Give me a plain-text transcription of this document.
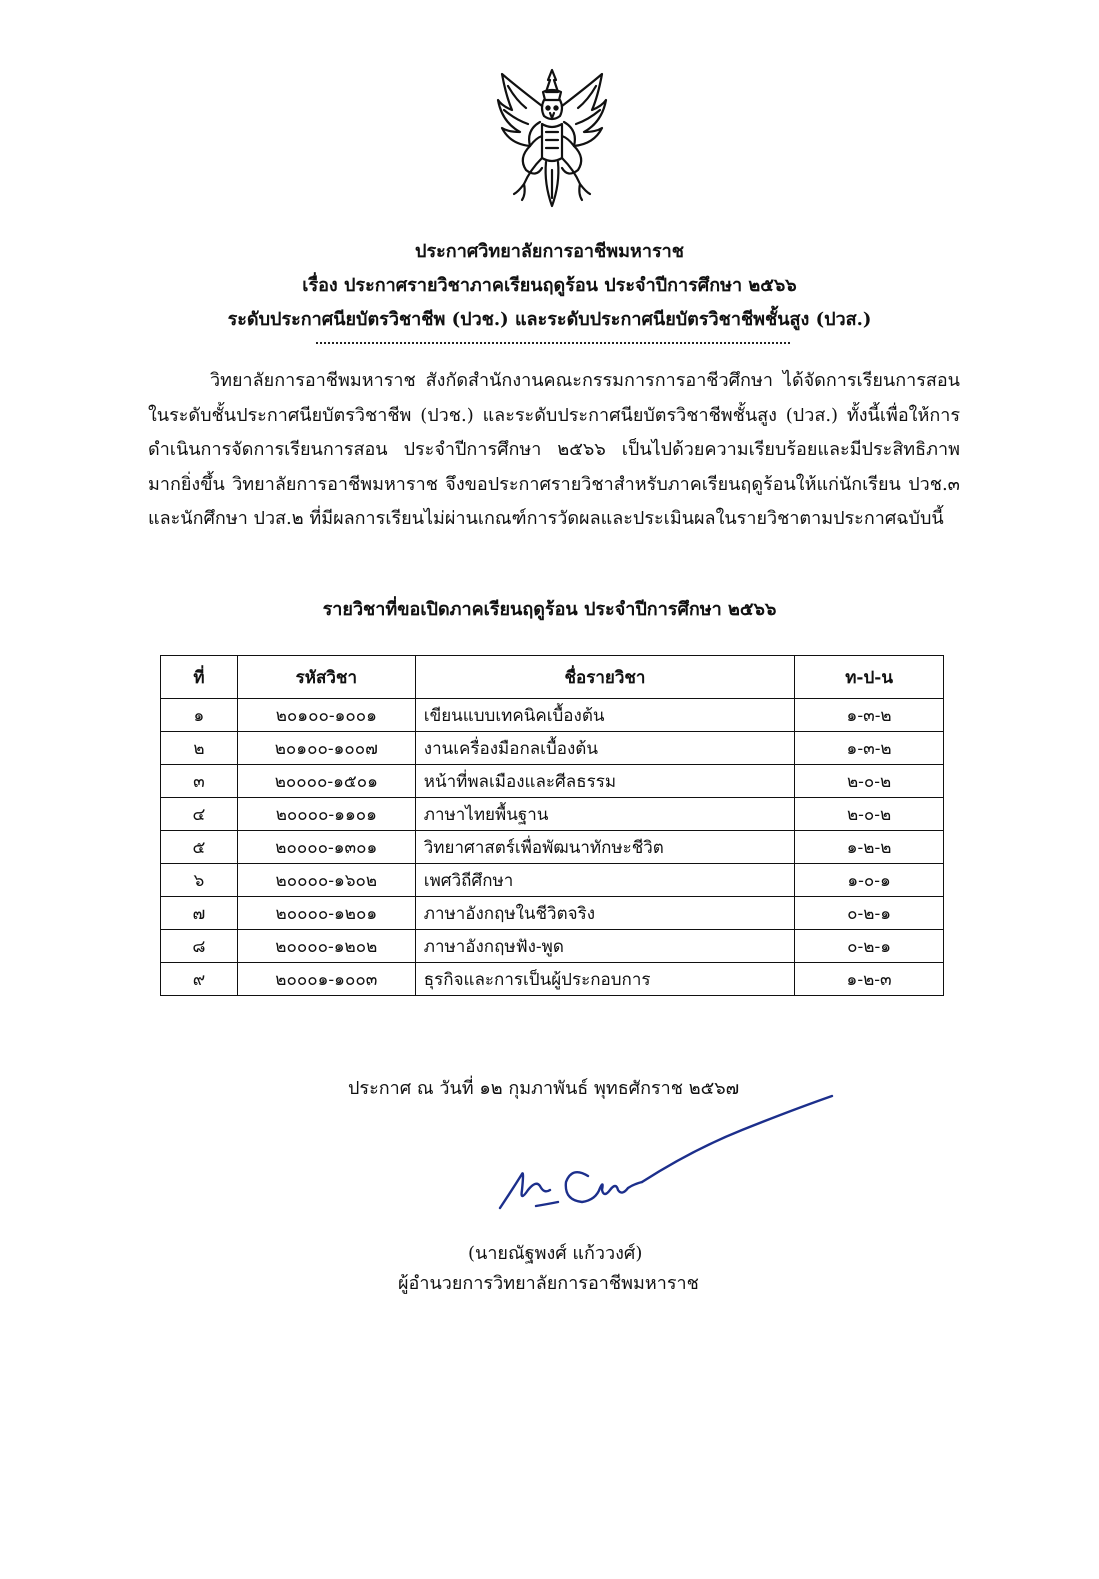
ประกาศวิทยาลัยการอาชีพมหาราช
เรื่อง ประกาศรายวิชาภาคเรียนฤดูร้อน ประจำปีการศึกษา ๒๕๖๖
ระดับประกาศนียบัตรวิชาชีพ (ปวช.) และระดับประกาศนียบัตรวิชาชีพชั้นสูง (ปวส.)
วิทยาลัยการอาชีพมหาราช สังกัดสำนักงานคณะกรรมการการอาชีวศึกษา ได้จัดการเรียนการสอนในระดับชั้นประกาศนียบัตรวิชาชีพ (ปวช.) และระดับประกาศนียบัตรวิชาชีพชั้นสูง (ปวส.) ทั้งนี้เพื่อให้การดำเนินการจัดการเรียนการสอน ประจำปีการศึกษา ๒๕๖๖ เป็นไปด้วยความเรียบร้อยและมีประสิทธิภาพมากยิ่งขึ้น วิทยาลัยการอาชีพมหาราช จึงขอประกาศรายวิชาสำหรับภาคเรียนฤดูร้อนให้แก่นักเรียน ปวช.๓ และนักศึกษา ปวส.๒ ที่มีผลการเรียนไม่ผ่านเกณฑ์การวัดผลและประเมินผลในรายวิชาตามประกาศฉบับนี้
รายวิชาที่ขอเปิดภาคเรียนฤดูร้อน ประจำปีการศึกษา ๒๕๖๖
ที่	รหัสวิชา	ชื่อรายวิชา	ท-ป-น
๑	๒๐๑๐๐-๑๐๐๑	เขียนแบบเทคนิคเบื้องต้น	๑-๓-๒
๒	๒๐๑๐๐-๑๐๐๗	งานเครื่องมือกลเบื้องต้น	๑-๓-๒
๓	๒๐๐๐๐-๑๕๐๑	หน้าที่พลเมืองและศีลธรรม	๒-๐-๒
๔	๒๐๐๐๐-๑๑๐๑	ภาษาไทยพื้นฐาน	๒-๐-๒
๕	๒๐๐๐๐-๑๓๐๑	วิทยาศาสตร์เพื่อพัฒนาทักษะชีวิต	๑-๒-๒
๖	๒๐๐๐๐-๑๖๐๒	เพศวิถีศึกษา	๑-๐-๑
๗	๒๐๐๐๐-๑๒๐๑	ภาษาอังกฤษในชีวิตจริง	๐-๒-๑
๘	๒๐๐๐๐-๑๒๐๒	ภาษาอังกฤษฟัง-พูด	๐-๒-๑
๙	๒๐๐๐๑-๑๐๐๓	ธุรกิจและการเป็นผู้ประกอบการ	๑-๒-๓
ประกาศ ณ วันที่ ๑๒ กุมภาพันธ์ พุทธศักราช ๒๕๖๗
(นายณัฐพงศ์ แก้ววงศ์)
ผู้อำนวยการวิทยาลัยการอาชีพมหาราช
